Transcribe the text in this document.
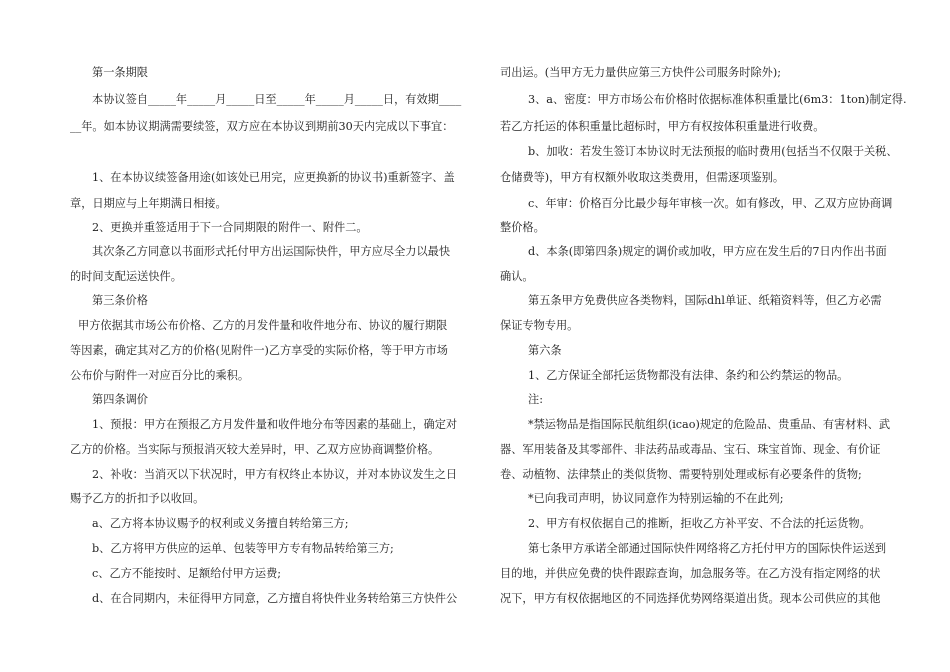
第一条期限
本协议签自_____年_____月_____日至_____年_____月_____日，有效期____
__年。如本协议期满需要续签，双方应在本协议到期前30天内完成以下事宜：
1、在本协议续签备用途(如该处已用完，应更换新的协议书)重新签字、盖
章，日期应与上年期满日相接。
2、更换并重签适用于下一合同期限的附件一、附件二。
其次条乙方同意以书面形式托付甲方出运国际快件，甲方应尽全力以最快
的时间支配运送快件。
第三条价格
甲方依据其市场公布价格、乙方的月发件量和收件地分布、协议的履行期限
等因素，确定其对乙方的价格(见附件一)乙方享受的实际价格，等于甲方市场
公布价与附件一对应百分比的乘积。
第四条调价
1、预报：甲方在预报乙方月发件量和收件地分布等因素的基础上，确定对
乙方的价格。当实际与预报消灭较大差异时，甲、乙双方应协商调整价格。
2、补收：当消灭以下状况时，甲方有权终止本协议，并对本协议发生之日
赐予乙方的折扣予以收回。
a、乙方将本协议赐予的权利或义务擅自转给第三方;
b、乙方将甲方供应的运单、包装等甲方专有物品转给第三方;
c、乙方不能按时、足额给付甲方运费;
d、在合同期内，未征得甲方同意，乙方擅自将快件业务转给第三方快件公
司出运。(当甲方无力量供应第三方快件公司服务时除外);
3、a、密度：甲方市场公布价格时依据标准体积重量比(6m3：1ton)制定得.
若乙方托运的体积重量比超标时，甲方有权按体积重量进行收费。
b、加收：若发生签订本协议时无法预报的临时费用(包括当不仅限于关税、
仓储费等)，甲方有权额外收取这类费用，但需逐项鉴别。
c、年审：价格百分比最少每年审核一次。如有修改，甲、乙双方应协商调
整价格。
d、本条(即第四条)规定的调价或加收，甲方应在发生后的7日内作出书面
确认。
第五条甲方免费供应各类物料，国际dhl单证、纸箱资料等，但乙方必需
保证专物专用。
第六条
1、乙方保证全部托运货物都没有法律、条约和公约禁运的物品。
注:
*禁运物品是指国际民航组织(icao)规定的危险品、贵重品、有害材料、武
器、军用装备及其零部件、非法药品或毒品、宝石、珠宝首饰、现金、有价证
卷、动植物、法律禁止的类似货物、需要特别处理或标有必要条件的货物;
*已向我司声明，协议同意作为特别运输的不在此列;
2、甲方有权依据自己的推断，拒收乙方补平安、不合法的托运货物。
第七条甲方承诺全部通过国际快件网络将乙方托付甲方的国际快件运送到
目的地，并供应免费的快件跟踪查询，加急服务等。在乙方没有指定网络的状
况下，甲方有权依据地区的不同选择优势网络渠道出货。现本公司供应的其他
